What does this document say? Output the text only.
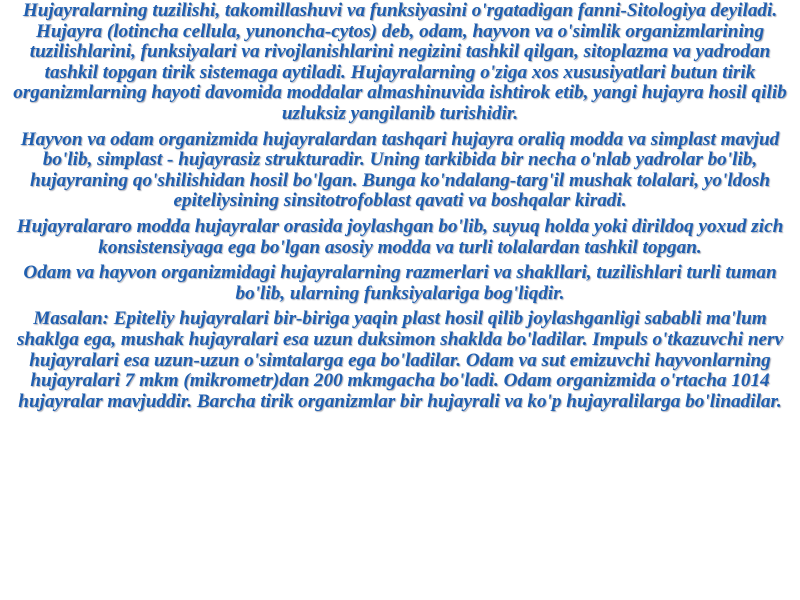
Hujayralarning tuzilishi, takomillashuvi va funksiyasini o'rgatadigan fanni-Sitologiya deyiladi. Hujayra (lotincha cellula, yunoncha-cytos) deb, odam, hayvon va o'simlik organizmlarining tuzilishlarini, funksiyalari va rivojlanishlarini negizini tashkil qilgan, sitoplazma va yadrodan tashkil topgan tirik sistemaga aytiladi. Hujayralarning o'ziga xos xususiyatlari butun tirik organizmlarning hayoti davomida moddalar almashinuvida ishtirok etib, yangi hujayra hosil qilib uzluksiz yangilanib turishidir.

Hayvon va odam organizmida hujayralardan tashqari hujayra oraliq modda va simplast mavjud bo'lib, simplast - hujayrasiz strukturadir. Uning tarkibida bir necha o'nlab yadrolar bo'lib, hujayraning qo'shilishidan hosil bo'lgan. Bunga ko'ndalang-targ'il mushak tolalari, yo'ldosh epiteliysining sinsitotrofoblast qavati va boshqalar kiradi.

Hujayralararo modda hujayralar orasida joylashgan bo'lib, suyuq holda yoki dirildoq yoxud zich konsistensiyaga ega bo'lgan asosiy modda va turli tolalardan tashkil topgan.

Odam va hayvon organizmidagi hujayralarning razmerlari va shakllari, tuzilishlari turli tuman bo'lib, ularning funksiyalariga bog'liqdir.

Masalan: Epiteliy hujayralari bir-biriga yaqin plast hosil qilib joylashganligi sababli ma'lum shaklga ega, mushak hujayralari esa uzun duksimon shaklda bo'ladilar. Impuls o'tkazuvchi nerv hujayralari esa uzun-uzun o'simtalarga ega bo'ladilar. Odam va sut emizuvchi hayvonlarning hujayralari 7 mkm (mikrometr)dan 200 mkmgacha bo'ladi. Odam organizmida o'rtacha 1014 hujayralar mavjuddir. Barcha tirik organizmlar bir hujayrali va ko'p hujayralilarga bo'linadilar.
